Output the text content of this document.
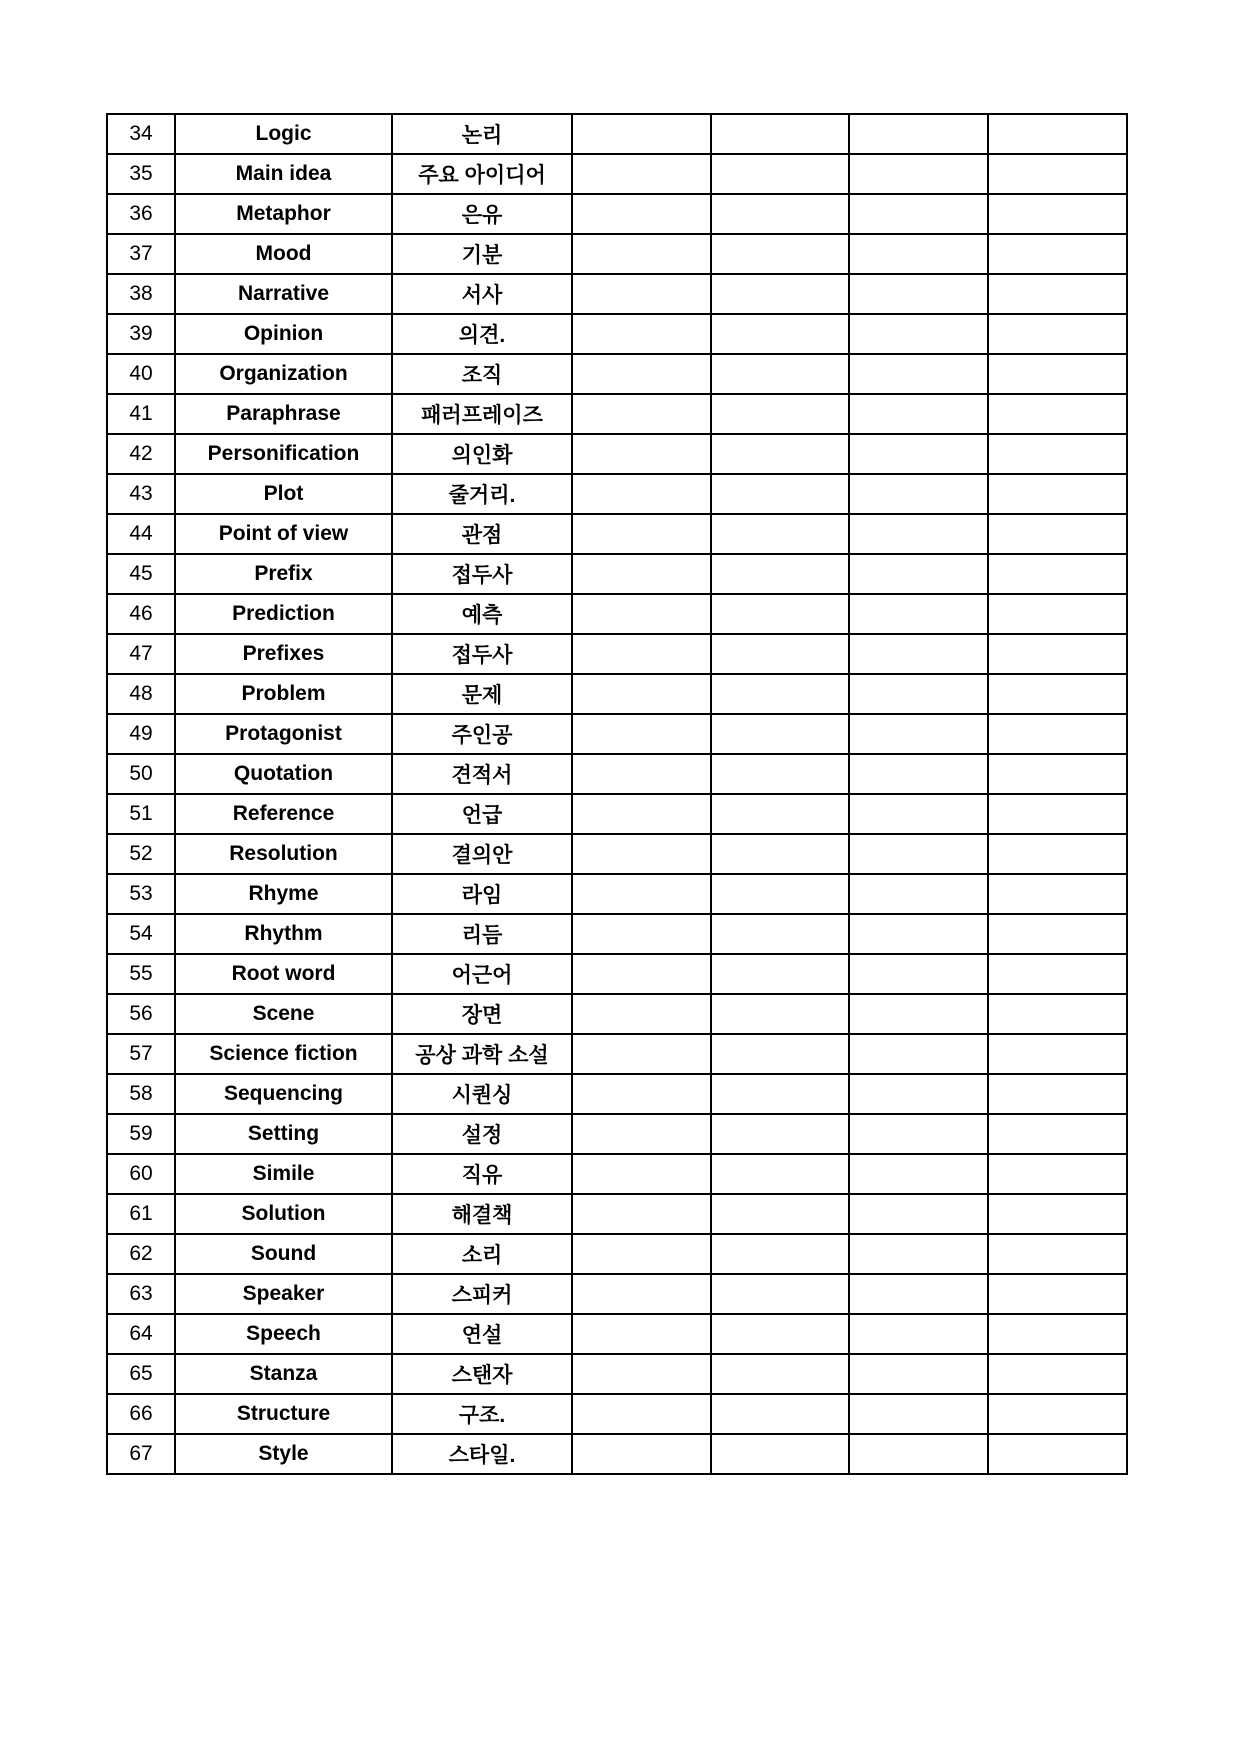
34	Logic	논리				
35	Main idea	주요 아이디어				
36	Metaphor	은유				
37	Mood	기분				
38	Narrative	서사				
39	Opinion	의견.				
40	Organization	조직				
41	Paraphrase	패러프레이즈				
42	Personification	의인화				
43	Plot	줄거리.				
44	Point of view	관점				
45	Prefix	접두사				
46	Prediction	예측				
47	Prefixes	접두사				
48	Problem	문제				
49	Protagonist	주인공				
50	Quotation	견적서				
51	Reference	언급				
52	Resolution	결의안				
53	Rhyme	라임				
54	Rhythm	리듬				
55	Root word	어근어				
56	Scene	장면				
57	Science fiction	공상 과학 소설				
58	Sequencing	시퀀싱				
59	Setting	설정				
60	Simile	직유				
61	Solution	해결책				
62	Sound	소리				
63	Speaker	스피커				
64	Speech	연설				
65	Stanza	스탠자				
66	Structure	구조.				
67	Style	스타일.				
